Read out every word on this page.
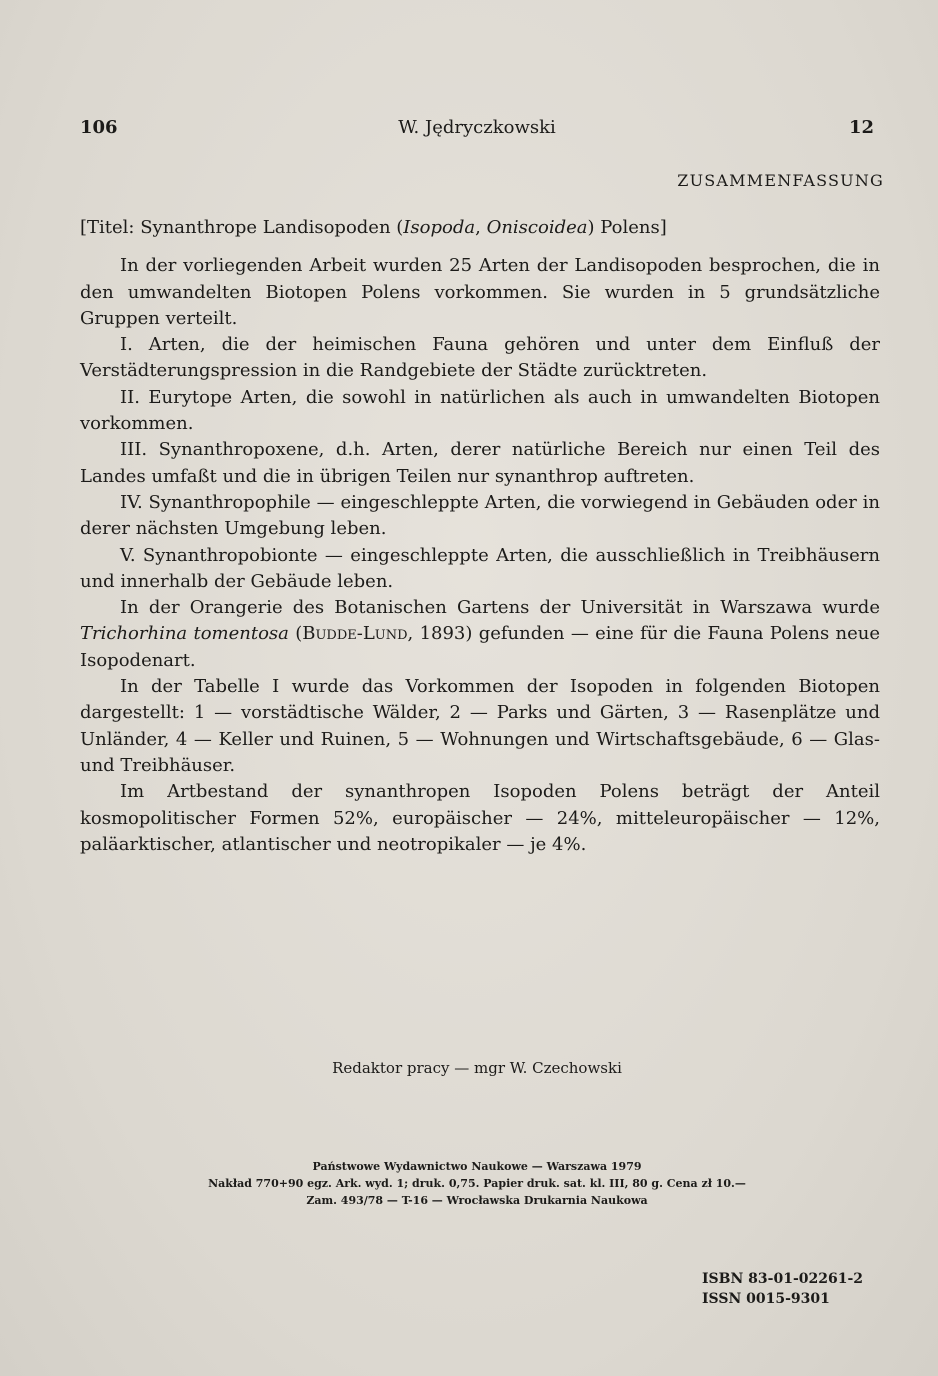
106	W. Jędryczkowski	12
ZUSAMMENFASSUNG

[Titel: Synanthrope Landisopoden (Isopoda, Oniscoidea) Polens]

In der vorliegenden Arbeit wurden 25 Arten der Landisopoden besprochen, die in den umwandelten Biotopen Polens vorkommen. Sie wurden in 5 grundsätzliche Gruppen verteilt.

I. Arten, die der heimischen Fauna gehören und unter dem Einfluß der Verstädterungspression in die Randgebiete der Städte zurücktreten.

II. Eurytope Arten, die sowohl in natürlichen als auch in umwandelten Biotopen vorkommen.

III. Synanthropoxene, d.h. Arten, derer natürliche Bereich nur einen Teil des Landes umfaßt und die in übrigen Teilen nur synanthrop auftreten.

IV. Synanthropophile — eingeschleppte Arten, die vorwiegend in Gebäuden oder in derer nächsten Umgebung leben.

V. Synanthropobionte — eingeschleppte Arten, die ausschließlich in Treibhäusern und innerhalb der Gebäude leben.

In der Orangerie des Botanischen Gartens der Universität in Warszawa wurde Trichorhina tomentosa (Budde-Lund, 1893) gefunden — eine für die Fauna Polens neue Isopodenart.

In der Tabelle I wurde das Vorkommen der Isopoden in folgenden Biotopen dargestellt: 1 — vorstädtische Wälder, 2 — Parks und Gärten, 3 — Rasenplätze und Unländer, 4 — Keller und Ruinen, 5 — Wohnungen und Wirtschaftsgebäude, 6 — Glas- und Treibhäuser.

Im Artbestand der synanthropen Isopoden Polens beträgt der Anteil kosmopolitischer Formen 52%, europäischer — 24%, mitteleuropäischer — 12%, paläarktischer, atlantischer und neotropikaler — je 4%.

Redaktor pracy — mgr W. Czechowski
Państwowe Wydawnictwo Naukowe — Warszawa 1979
Nakład 770+90 egz. Ark. wyd. 1; druk. 0,75. Papier druk. sat. kl. III, 80 g. Cena zł 10.—
Zam. 493/78 — T-16 — Wrocławska Drukarnia Naukowa
ISBN 83-01-02261-2
ISSN 0015-9301
